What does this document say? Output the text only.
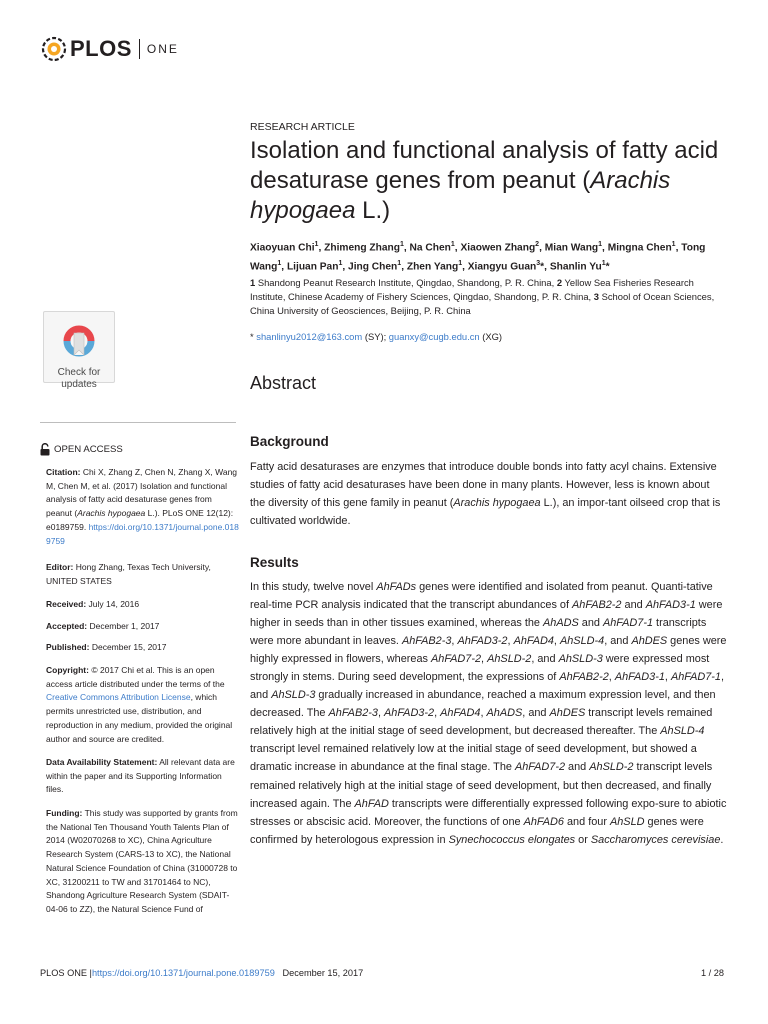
PLOS ONE
RESEARCH ARTICLE
Isolation and functional analysis of fatty acid desaturase genes from peanut (Arachis hypogaea L.)
Xiaoyuan Chi$^1$, Zhimeng Zhang$^1$, Na Chen$^1$, Xiaowen Zhang$^2$, Mian Wang$^1$, Mingna Chen$^1$, Tong Wang$^1$, Lijuan Pan$^1$, Jing Chen$^1$, Zhen Yang$^1$, Xiangyu Guan$^3$*, Shanlin Yu$^1$*
1 Shandong Peanut Research Institute, Qingdao, Shandong, P. R. China, 2 Yellow Sea Fisheries Research Institute, Chinese Academy of Fishery Sciences, Qingdao, Shandong, P. R. China, 3 School of Ocean Sciences, China University of Geosciences, Beijing, P. R. China
* shanlinyu2012@163.com (SY); guanxy@cugb.edu.cn (XG)
Check for
updates	Abstract
OPEN ACCESS
Citation: Chi X, Zhang Z, Chen N, Zhang X, Wang M, Chen M, et al. (2017) Isolation and functional analysis of fatty acid desaturase genes from peanut (Arachis hypogaea L.). PLoS ONE 12(12): e0189759. https://doi.org/10.1371/journal.pone.0189759
Editor: Hong Zhang, Texas Tech University, UNITED STATES
Received: July 14, 2016
Accepted: December 1, 2017
Published: December 15, 2017
Copyright: © 2017 Chi et al. This is an open access article distributed under the terms of the Creative Commons Attribution License, which permits unrestricted use, distribution, and reproduction in any medium, provided the original author and source are credited.
Data Availability Statement: All relevant data are within the paper and its Supporting Information files.
Funding: This study was supported by grants from the National Ten Thousand Youth Talents Plan of 2014 (W02070268 to XC), China Agriculture Research System (CARS-13 to XC), the National Natural Science Foundation of China (31000728 to XC, 31200211 to TW and 31701464 to NC), Shandong Agriculture Research System (SDAIT-04-06 to ZZ), the Natural Science Fund of
Background
Fatty acid desaturases are enzymes that introduce double bonds into fatty acyl chains. Extensive studies of fatty acid desaturases have been done in many plants. However, less is known about the diversity of this gene family in peanut (Arachis hypogaea L.), an impor-tant oilseed crop that is cultivated worldwide.
Results
In this study, twelve novel AhFADs genes were identified and isolated from peanut. Quanti-tative real-time PCR analysis indicated that the transcript abundances of AhFAB2-2 and AhFAD3-1 were higher in seeds than in other tissues examined, whereas the AhADS and AhFAD7-1 transcripts were more abundant in leaves. AhFAB2-3, AhFAD3-2, AhFAD4, AhSLD-4, and AhDES genes were highly expressed in flowers, whereas AhFAD7-2, AhSLD-2, and AhSLD-3 were expressed most strongly in stems. During seed development, the expressions of AhFAB2-2, AhFAD3-1, AhFAD7-1, and AhSLD-3 gradually increased in abundance, reached a maximum expression level, and then decreased. The AhFAB2-3, AhFAD3-2, AhFAD4, AhADS, and AhDES transcript levels remained relatively high at the initial stage of seed development, but decreased thereafter. The AhSLD-4 transcript level remained relatively low at the initial stage of seed development, but showed a dramatic increase in abundance at the final stage. The AhFAD7-2 and AhSLD-2 transcript levels remained relatively high at the initial stage of seed development, but then decreased, and finally increased again. The AhFAD transcripts were differentially expressed following expo-sure to abiotic stresses or abscisic acid. Moreover, the functions of one AhFAD6 and four AhSLD genes were confirmed by heterologous expression in Synechococcus elongates or Saccharomyces cerevisiae.
PLOS ONE |https://doi.org/10.1371/journal.pone.0189759 December 15, 2017	1 / 28
